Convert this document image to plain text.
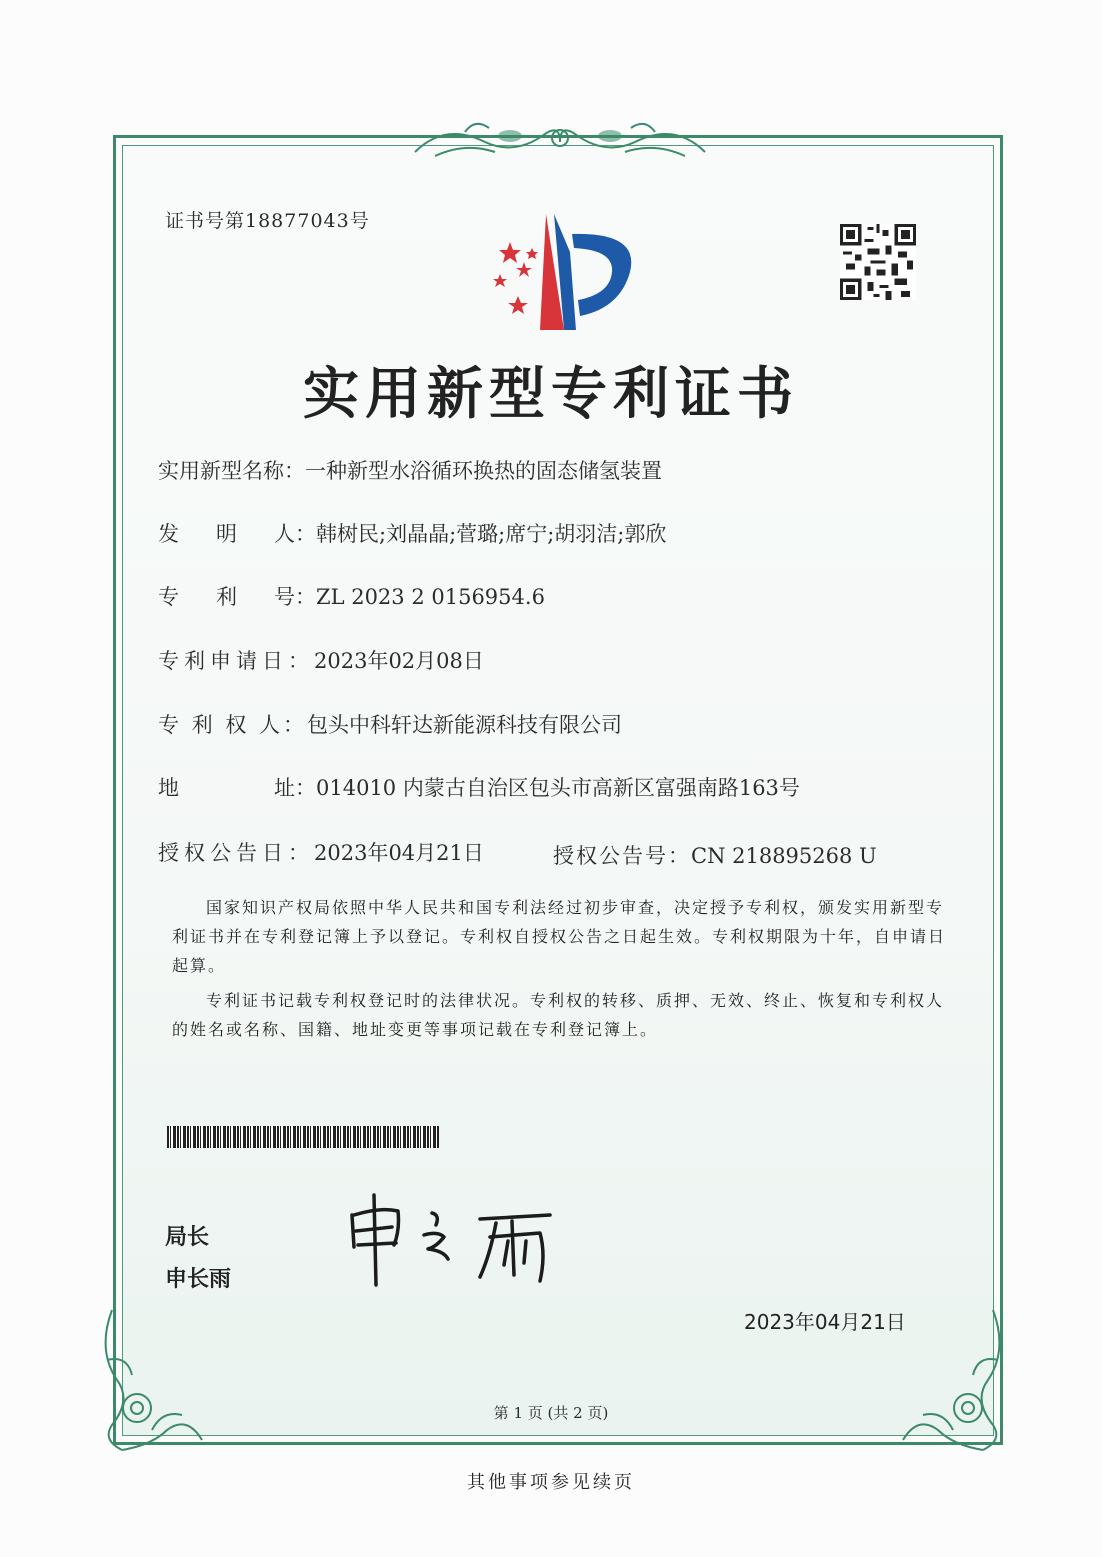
证书号第18877043号
实用新型专利证书
实用新型名称：一种新型水浴循环换热的固态储氢装置
发 明 人：韩树民;刘晶晶;菅璐;席宁;胡羽洁;郭欣
专 利 号：ZL 2023 2 0156954.6
专利申请日：2023年02月08日
专 利 权 人：包头中科轩达新能源科技有限公司
地	址：014010 内蒙古自治区包头市高新区富强南路163号
授权公告日：2023年04月21日	授权公告号：CN 218895268 U
国家知识产权局依照中华人民共和国专利法经过初步审查，决定授予专利权，颁发实用新型专利证书并在专利登记簿上予以登记。专利权自授权公告之日起生效。专利权期限为十年，自申请日起算。
专利证书记载专利权登记时的法律状况。专利权的转移、质押、无效、终止、恢复和专利权人的姓名或名称、国籍、地址变更等事项记载在专利登记簿上。
局长
申长雨
2023年04月21日
第 1 页 (共 2 页)
其他事项参见续页
